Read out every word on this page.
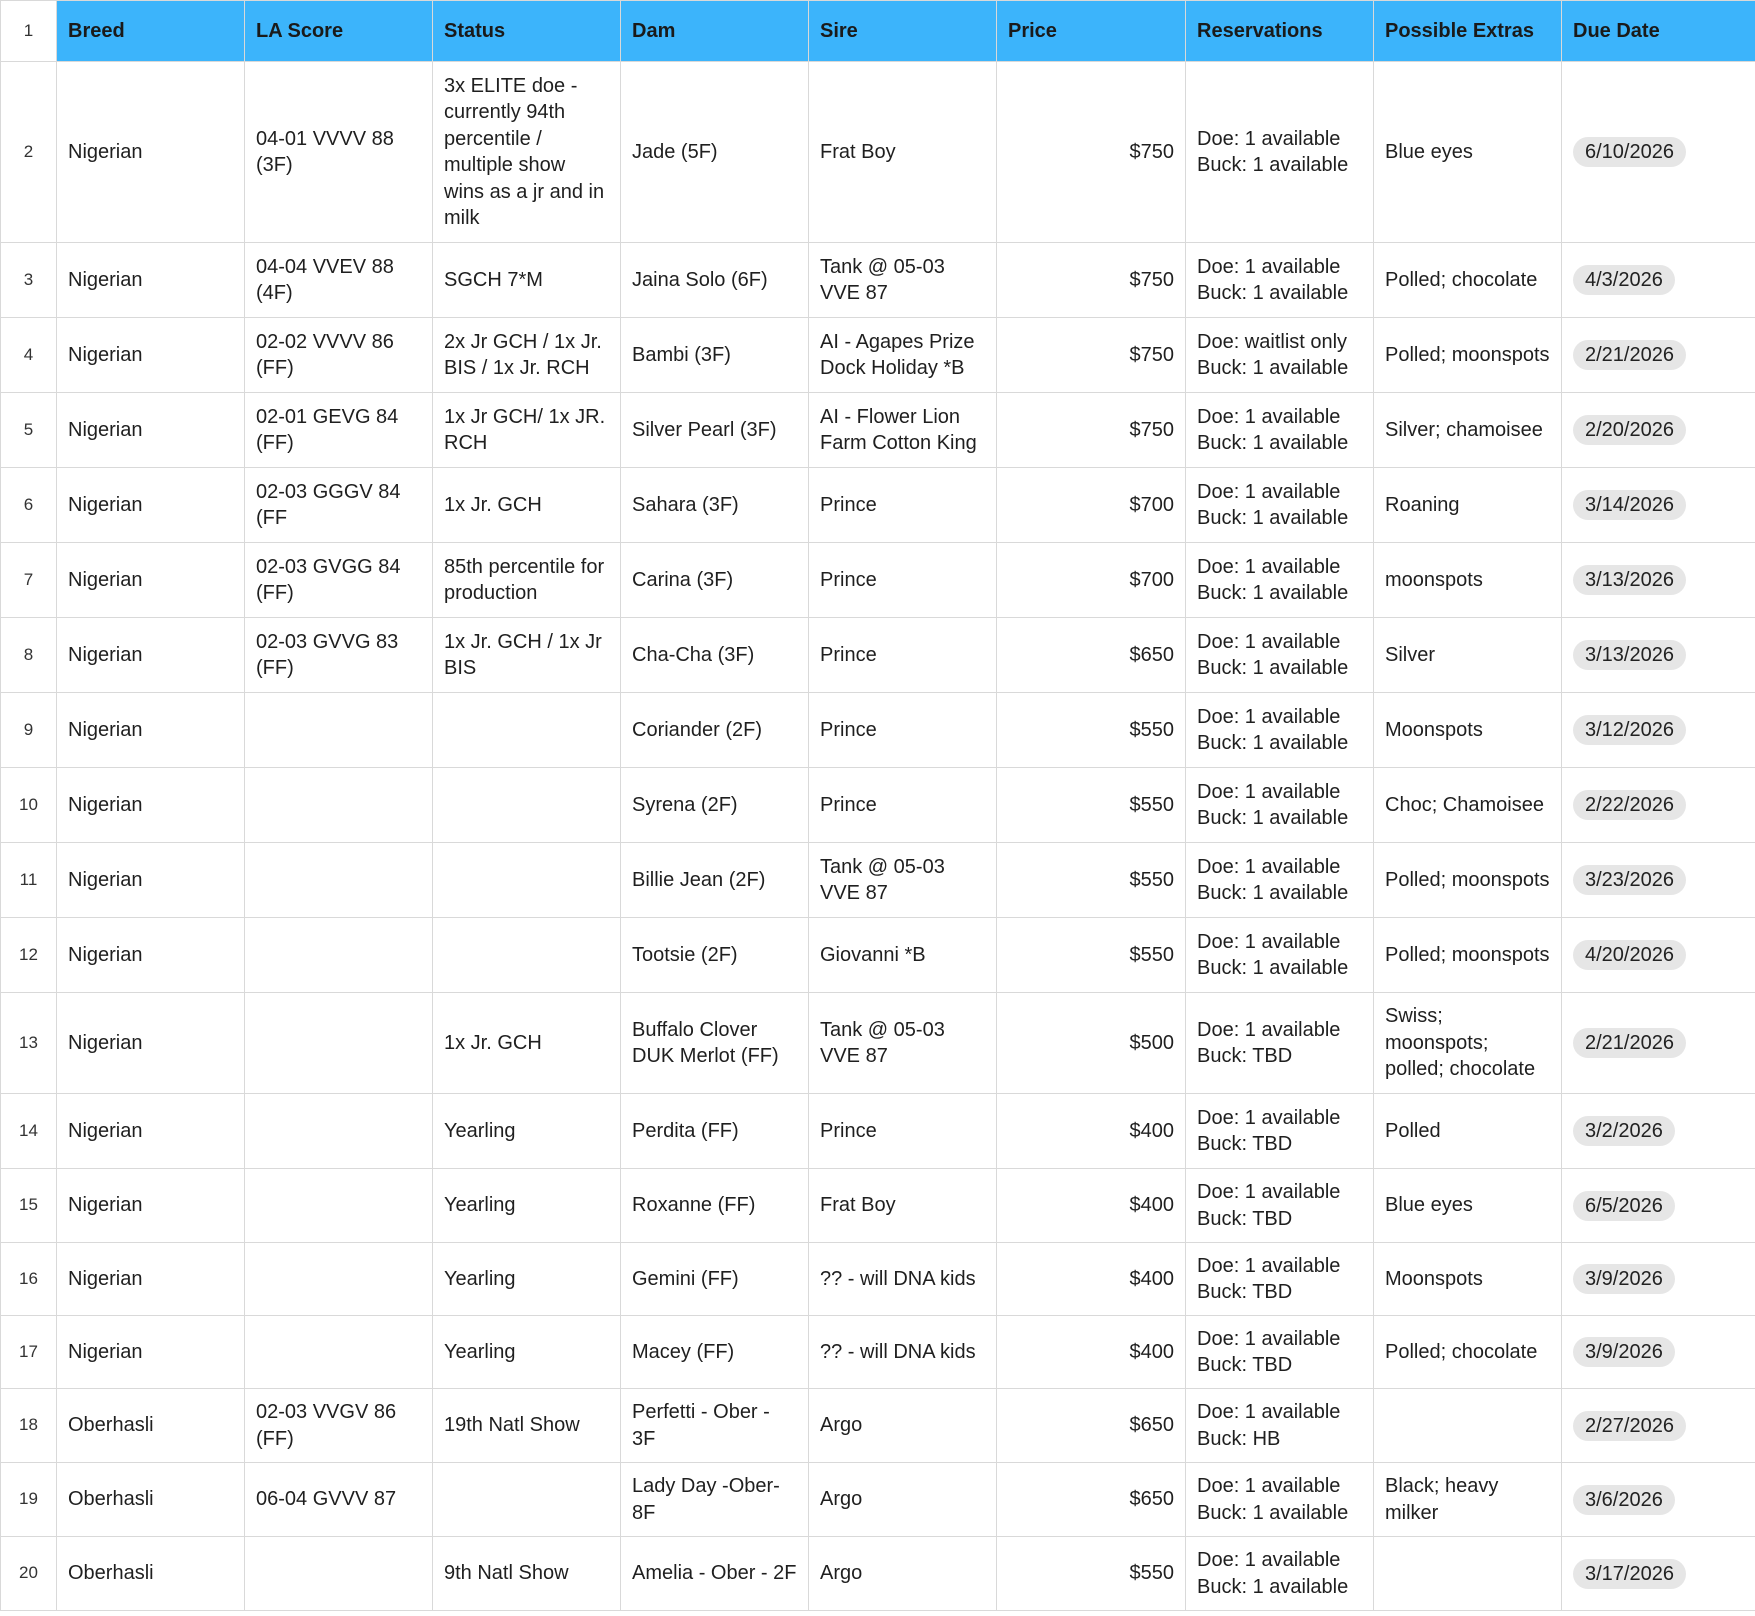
1	Breed	LA Score	Status	Dam	Sire	Price	Reservations	Possible Extras	Due Date
2	Nigerian	04-01 VVVV 88 (3F)	3x ELITE doe - currently 94th percentile / multiple show wins as a jr and in milk	Jade (5F)	Frat Boy	$750	Doe: 1 available
Buck: 1 available	Blue eyes	6/10/2026
3	Nigerian	04-04 VVEV 88 (4F)	SGCH 7*M	Jaina Solo (6F)	Tank @ 05-03 VVE 87	$750	Doe: 1 available
Buck: 1 available	Polled; chocolate	4/3/2026
4	Nigerian	02-02 VVVV 86 (FF)	2x Jr GCH / 1x Jr. BIS / 1x Jr. RCH	Bambi (3F)	AI - Agapes Prize Dock Holiday *B	$750	Doe: waitlist only
Buck: 1 available	Polled; moonspots	2/21/2026
5	Nigerian	02-01 GEVG 84 (FF)	1x Jr GCH/ 1x JR. RCH	Silver Pearl (3F)	AI - Flower Lion Farm Cotton King	$750	Doe: 1 available
Buck: 1 available	Silver; chamoisee	2/20/2026
6	Nigerian	02-03 GGGV 84 (FF	1x Jr. GCH	Sahara (3F)	Prince	$700	Doe: 1 available
Buck: 1 available	Roaning	3/14/2026
7	Nigerian	02-03 GVGG 84 (FF)	85th percentile for production	Carina (3F)	Prince	$700	Doe: 1 available
Buck: 1 available	moonspots	3/13/2026
8	Nigerian	02-03 GVVG 83 (FF)	1x Jr. GCH / 1x Jr BIS	Cha-Cha (3F)	Prince	$650	Doe: 1 available
Buck: 1 available	Silver	3/13/2026
9	Nigerian			Coriander (2F)	Prince	$550	Doe: 1 available
Buck: 1 available	Moonspots	3/12/2026
10	Nigerian			Syrena (2F)	Prince	$550	Doe: 1 available
Buck: 1 available	Choc; Chamoisee	2/22/2026
11	Nigerian			Billie Jean (2F)	Tank @ 05-03 VVE 87	$550	Doe: 1 available
Buck: 1 available	Polled; moonspots	3/23/2026
12	Nigerian			Tootsie (2F)	Giovanni *B	$550	Doe: 1 available
Buck: 1 available	Polled; moonspots	4/20/2026
13	Nigerian		1x Jr. GCH	Buffalo Clover DUK Merlot (FF)	Tank @ 05-03 VVE 87	$500	Doe: 1 available
Buck: TBD	Swiss; moonspots; polled; chocolate	2/21/2026
14	Nigerian		Yearling	Perdita (FF)	Prince	$400	Doe: 1 available
Buck: TBD	Polled	3/2/2026
15	Nigerian		Yearling	Roxanne (FF)	Frat Boy	$400	Doe: 1 available
Buck: TBD	Blue eyes	6/5/2026
16	Nigerian		Yearling	Gemini (FF)	?? - will DNA kids	$400	Doe: 1 available
Buck: TBD	Moonspots	3/9/2026
17	Nigerian		Yearling	Macey (FF)	?? - will DNA kids	$400	Doe: 1 available
Buck: TBD	Polled; chocolate	3/9/2026
18	Oberhasli	02-03 VVGV 86 (FF)	19th Natl Show	Perfetti - Ober - 3F	Argo	$650	Doe: 1 available
Buck: HB		2/27/2026
19	Oberhasli	06-04 GVVV 87		Lady Day -Ober-8F	Argo	$650	Doe: 1 available
Buck: 1 available	Black; heavy milker	3/6/2026
20	Oberhasli		9th Natl Show	Amelia - Ober - 2F	Argo	$550	Doe: 1 available
Buck: 1 available		3/17/2026
